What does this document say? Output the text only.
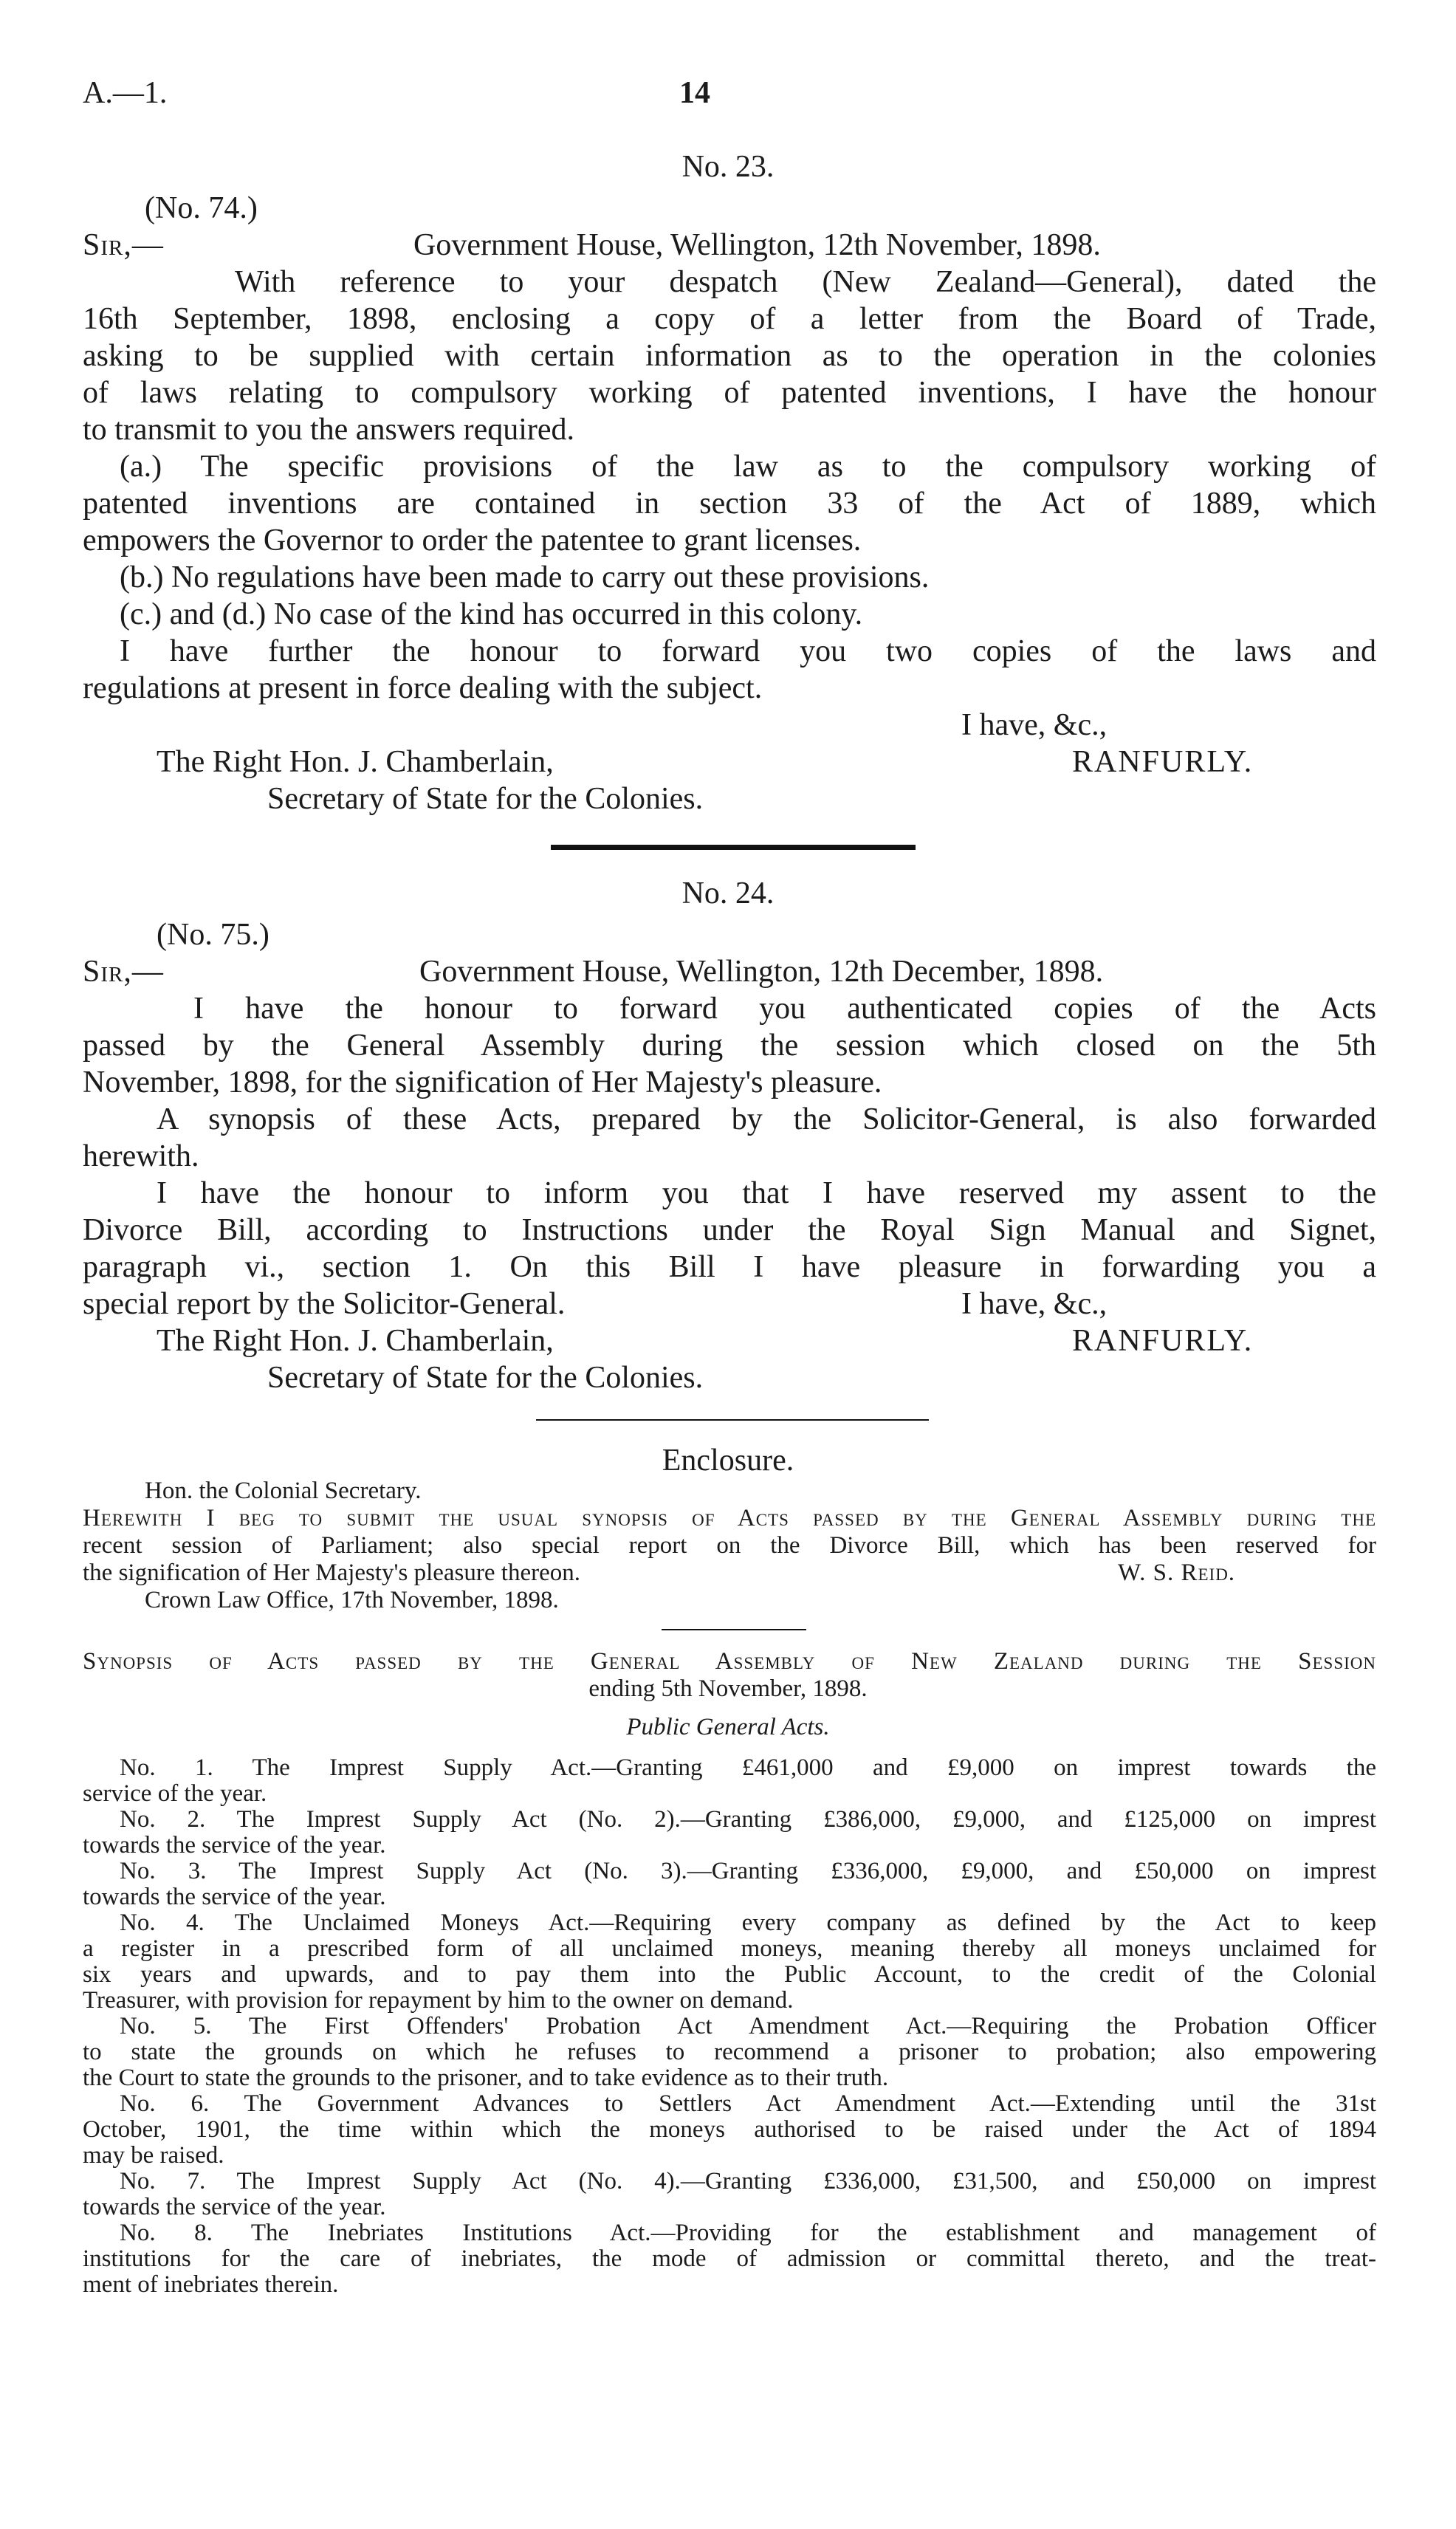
A.—1.	14
No. 23.
(No. 74.)
Sir,—	Government House, Wellington, 12th November, 1898.
With reference to your despatch (New Zealand—General), dated the
16th September, 1898, enclosing a copy of a letter from the Board of Trade,
asking to be supplied with certain information as to the operation in the colonies
of laws relating to compulsory working of patented inventions, I have the honour
to transmit to you the answers required.
(a.) The specific provisions of the law as to the compulsory working of
patented inventions are contained in section 33 of the Act of 1889, which
empowers the Governor to order the patentee to grant licenses.
(b.) No regulations have been made to carry out these provisions.
(c.) and (d.) No case of the kind has occurred in this colony.
I have further the honour to forward you two copies of the laws and
regulations at present in force dealing with the subject.
I have, &c.,
The Right Hon. J. Chamberlain,	RANFURLY.
Secretary of State for the Colonies.
No. 24.
(No. 75.)
Sir,—	Government House, Wellington, 12th December, 1898.
I have the honour to forward you authenticated copies of the Acts
passed by the General Assembly during the session which closed on the 5th
November, 1898, for the signification of Her Majesty's pleasure.
A synopsis of these Acts, prepared by the Solicitor-General, is also forwarded
herewith.
I have the honour to inform you that I have reserved my assent to the
Divorce Bill, according to Instructions under the Royal Sign Manual and Signet,
paragraph vi., section 1. On this Bill I have pleasure in forwarding you a
special report by the Solicitor-General.	I have, &c.,
The Right Hon. J. Chamberlain,	RANFURLY.
Secretary of State for the Colonies.
Enclosure.
Hon. the Colonial Secretary.
Herewith I beg to submit the usual synopsis of Acts passed by the General Assembly during the
recent session of Parliament; also special report on the Divorce Bill, which has been reserved for
the signification of Her Majesty's pleasure thereon.	W. S. Reid.
Crown Law Office, 17th November, 1898.
Synopsis of Acts passed by the General Assembly of New Zealand during the Session
ending 5th November, 1898.
Public General Acts.
No. 1. The Imprest Supply Act.—Granting £461,000 and £9,000 on imprest towards the
service of the year.
No. 2. The Imprest Supply Act (No. 2).—Granting £386,000, £9,000, and £125,000 on imprest
towards the service of the year.
No. 3. The Imprest Supply Act (No. 3).—Granting £336,000, £9,000, and £50,000 on imprest
towards the service of the year.
No. 4. The Unclaimed Moneys Act.—Requiring every company as defined by the Act to keep
a register in a prescribed form of all unclaimed moneys, meaning thereby all moneys unclaimed for
six years and upwards, and to pay them into the Public Account, to the credit of the Colonial
Treasurer, with provision for repayment by him to the owner on demand.
No. 5. The First Offenders' Probation Act Amendment Act.—Requiring the Probation Officer
to state the grounds on which he refuses to recommend a prisoner to probation; also empowering
the Court to state the grounds to the prisoner, and to take evidence as to their truth.
No. 6. The Government Advances to Settlers Act Amendment Act.—Extending until the 31st
October, 1901, the time within which the moneys authorised to be raised under the Act of 1894
may be raised.
No. 7. The Imprest Supply Act (No. 4).—Granting £336,000, £31,500, and £50,000 on imprest
towards the service of the year.
No. 8. The Inebriates Institutions Act.—Providing for the establishment and management of
institutions for the care of inebriates, the mode of admission or committal thereto, and the treat-
ment of inebriates therein.
